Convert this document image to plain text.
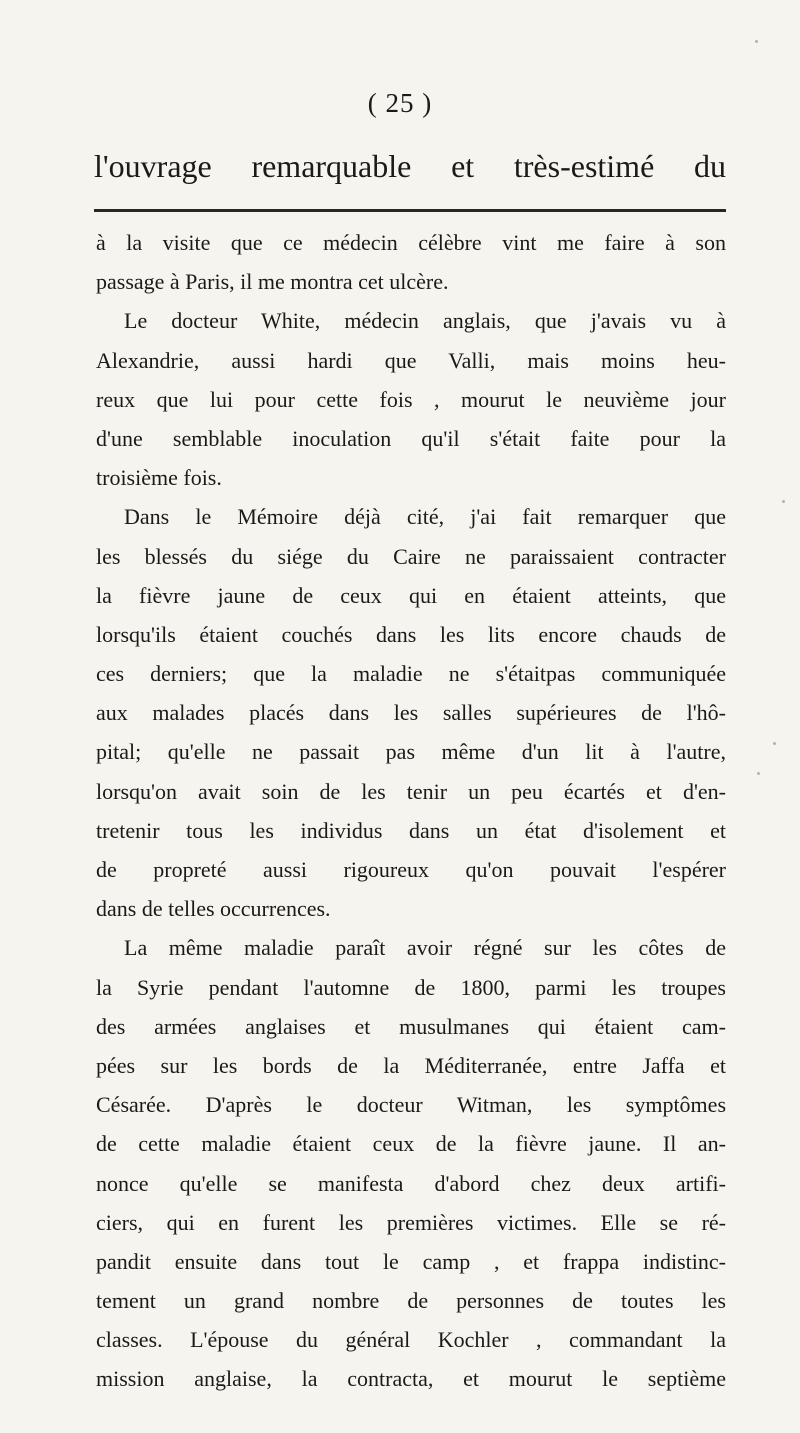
( 25 )
l'ouvrage remarquable et très-estimé du
à la visite que ce médecin célèbre vint me faire à son
passage à Paris, il me montra cet ulcère.
Le docteur White, médecin anglais, que j'avais vu à
Alexandrie, aussi hardi que Valli, mais moins heu-
reux que lui pour cette fois , mourut le neuvième jour
d'une semblable inoculation qu'il s'était faite pour la
troisième fois.
Dans le Mémoire déjà cité, j'ai fait remarquer que
les blessés du siége du Caire ne paraissaient contracter
la fièvre jaune de ceux qui en étaient atteints, que
lorsqu'ils étaient couchés dans les lits encore chauds de
ces derniers; que la maladie ne s'étaitpas communiquée
aux malades placés dans les salles supérieures de l'hô-
pital; qu'elle ne passait pas même d'un lit à l'autre,
lorsqu'on avait soin de les tenir un peu écartés et d'en-
tretenir tous les individus dans un état d'isolement et
de propreté aussi rigoureux qu'on pouvait l'espérer
dans de telles occurrences.
La même maladie paraît avoir régné sur les côtes de
la Syrie pendant l'automne de 1800, parmi les troupes
des armées anglaises et musulmanes qui étaient cam-
pées sur les bords de la Méditerranée, entre Jaffa et
Césarée. D'après le docteur Witman, les symptômes
de cette maladie étaient ceux de la fièvre jaune. Il an-
nonce qu'elle se manifesta d'abord chez deux artifi-
ciers, qui en furent les premières victimes. Elle se ré-
pandit ensuite dans tout le camp , et frappa indistinc-
tement un grand nombre de personnes de toutes les
classes. L'épouse du général Kochler , commandant la
mission anglaise, la contracta, et mourut le septième
